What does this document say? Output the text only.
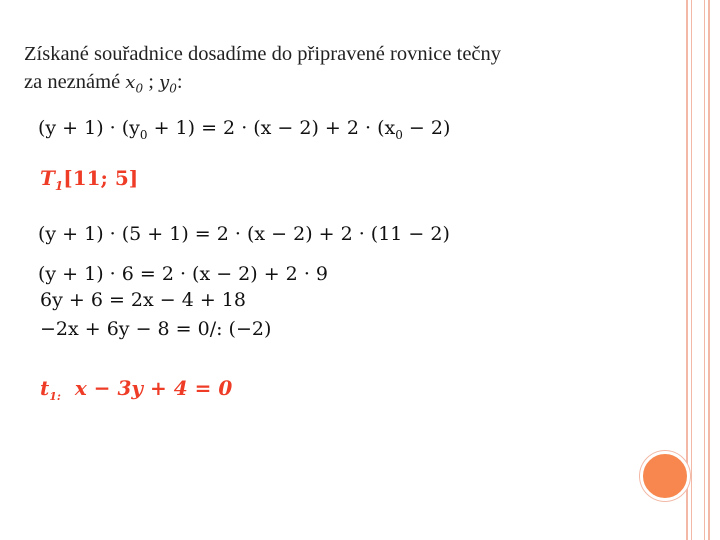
Získané souřadnice dosadíme do připravené rovnice tečny
za neznámé $x_0$ ; $y_0$:
$(y + 1) \cdot (y_0 + 1) = 2 \cdot (x - 2) + 2 \cdot (x_0 - 2)$
$T_1[11$; 5]
(y + 1) · (5 + 1) = 2 · (x − 2) + 2 · (11 − 2)
(y + 1) · 6 = 2 · (x − 2) + 2 · 9
6y + 6 = 2x − 4 + 18
−2x + 6y − 8 = 0/: (−2)
$t_{1:}$ x − 3y + 4 = 0
